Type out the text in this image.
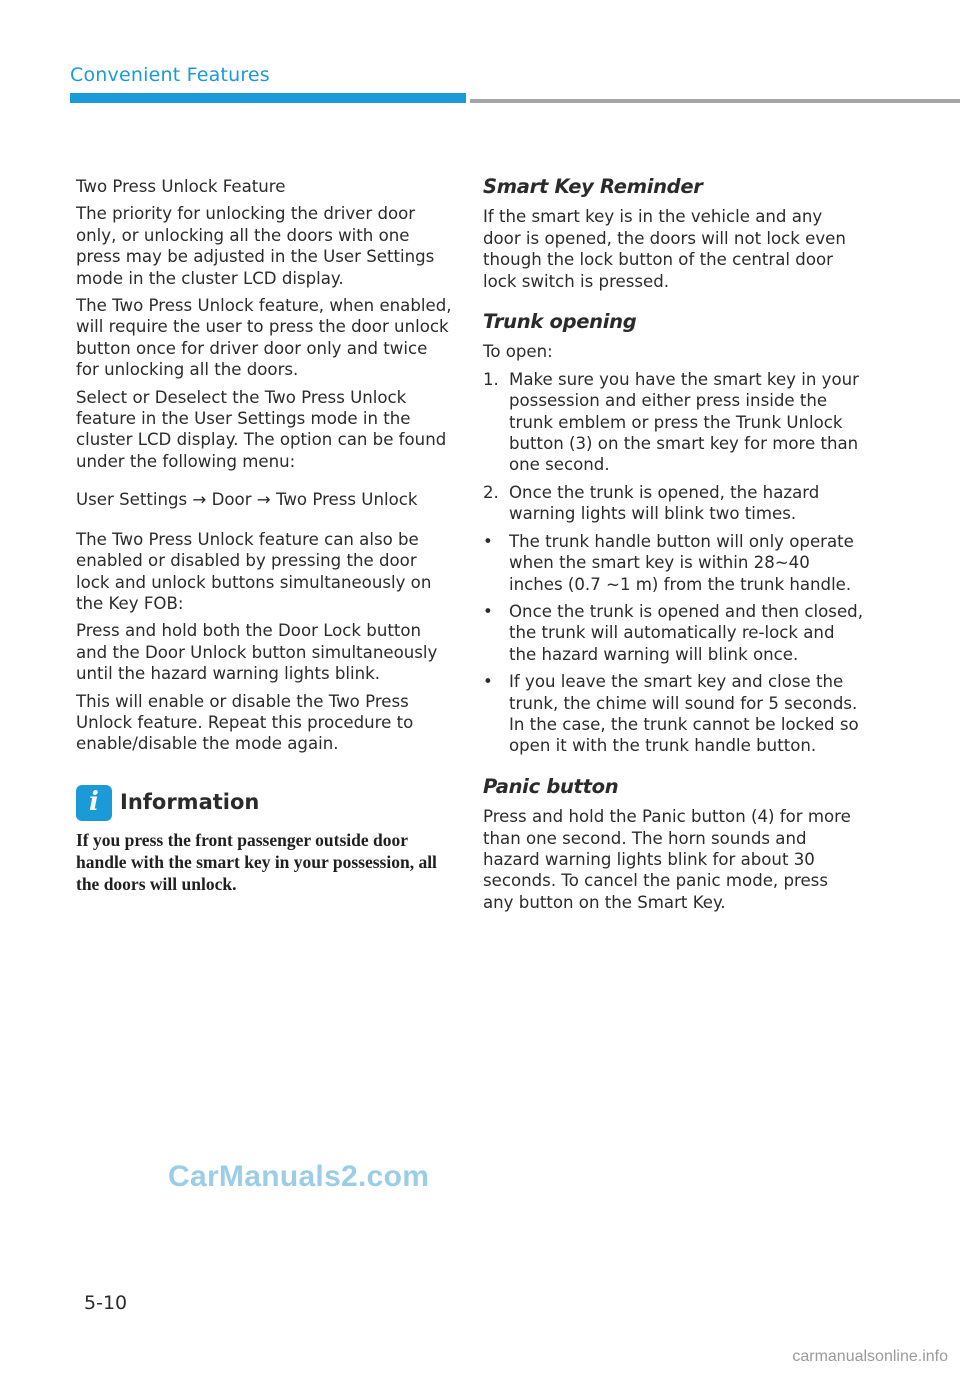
Convenient Features

Two Press Unlock Feature

The priority for unlocking the driver door only, or unlocking all the doors with one press may be adjusted in the User Settings mode in the cluster LCD display.

The Two Press Unlock feature, when enabled, will require the user to press the door unlock button once for driver door only and twice for unlocking all the doors.

Select or Deselect the Two Press Unlock feature in the User Settings mode in the cluster LCD display. The option can be found under the following menu:

User Settings → Door → Two Press Unlock

The Two Press Unlock feature can also be enabled or disabled by pressing the door lock and unlock buttons simultaneously on the Key FOB:

Press and hold both the Door Lock button and the Door Unlock button simultaneously until the hazard warning lights blink.

This will enable or disable the Two Press Unlock feature. Repeat this procedure to enable/disable the mode again.

i	Information
If you press the front passenger outside door handle with the smart key in your possession, all the doors will unlock.
Smart Key Reminder

If the smart key is in the vehicle and any door is opened, the doors will not lock even though the lock button of the central door lock switch is pressed.

Trunk opening

To open:

1. Make sure you have the smart key in your possession and either press inside the trunk emblem or press the Trunk Unlock button (3) on the smart key for more than one second.
2. Once the trunk is opened, the hazard warning lights will blink two times.
• The trunk handle button will only operate when the smart key is within 28~40 inches (0.7 ~1 m) from the trunk handle.
• Once the trunk is opened and then closed, the trunk will automatically re-lock and the hazard warning will blink once.
• If you leave the smart key and close the trunk, the chime will sound for 5 seconds. In the case, the trunk cannot be locked so open it with the trunk handle button.
Panic button

Press and hold the Panic button (4) for more than one second. The horn sounds and hazard warning lights blink for about 30 seconds. To cancel the panic mode, press any button on the Smart Key.

CarManuals2.com
5-10
carmanualsonline.info
